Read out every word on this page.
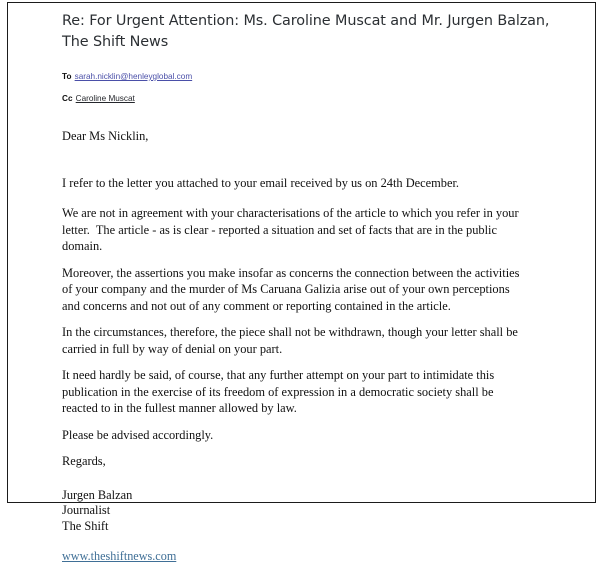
Re: For Urgent Attention: Ms. Caroline Muscat and Mr. Jurgen Balzan, The Shift News
To sarah.nicklin@henleyglobal.com
Cc Caroline Muscat

Dear Ms Nicklin,

I refer to the letter you attached to your email received by us on 24th December.

We are not in agreement with your characterisations of the article to which you refer in your letter.  The article - as is clear - reported a situation and set of facts that are in the public domain.

Moreover, the assertions you make insofar as concerns the connection between the activities of your company and the murder of Ms Caruana Galizia arise out of your own perceptions and concerns and not out of any comment or reporting contained in the article.

In the circumstances, therefore, the piece shall not be withdrawn, though your letter shall be carried in full by way of denial on your part.

It need hardly be said, of course, that any further attempt on your part to intimidate this publication in the exercise of its freedom of expression in a democratic society shall be reacted to in the fullest manner allowed by law.

Please be advised accordingly.

Regards,

Jurgen Balzan
Journalist
The Shift
www.theshiftnews.com
